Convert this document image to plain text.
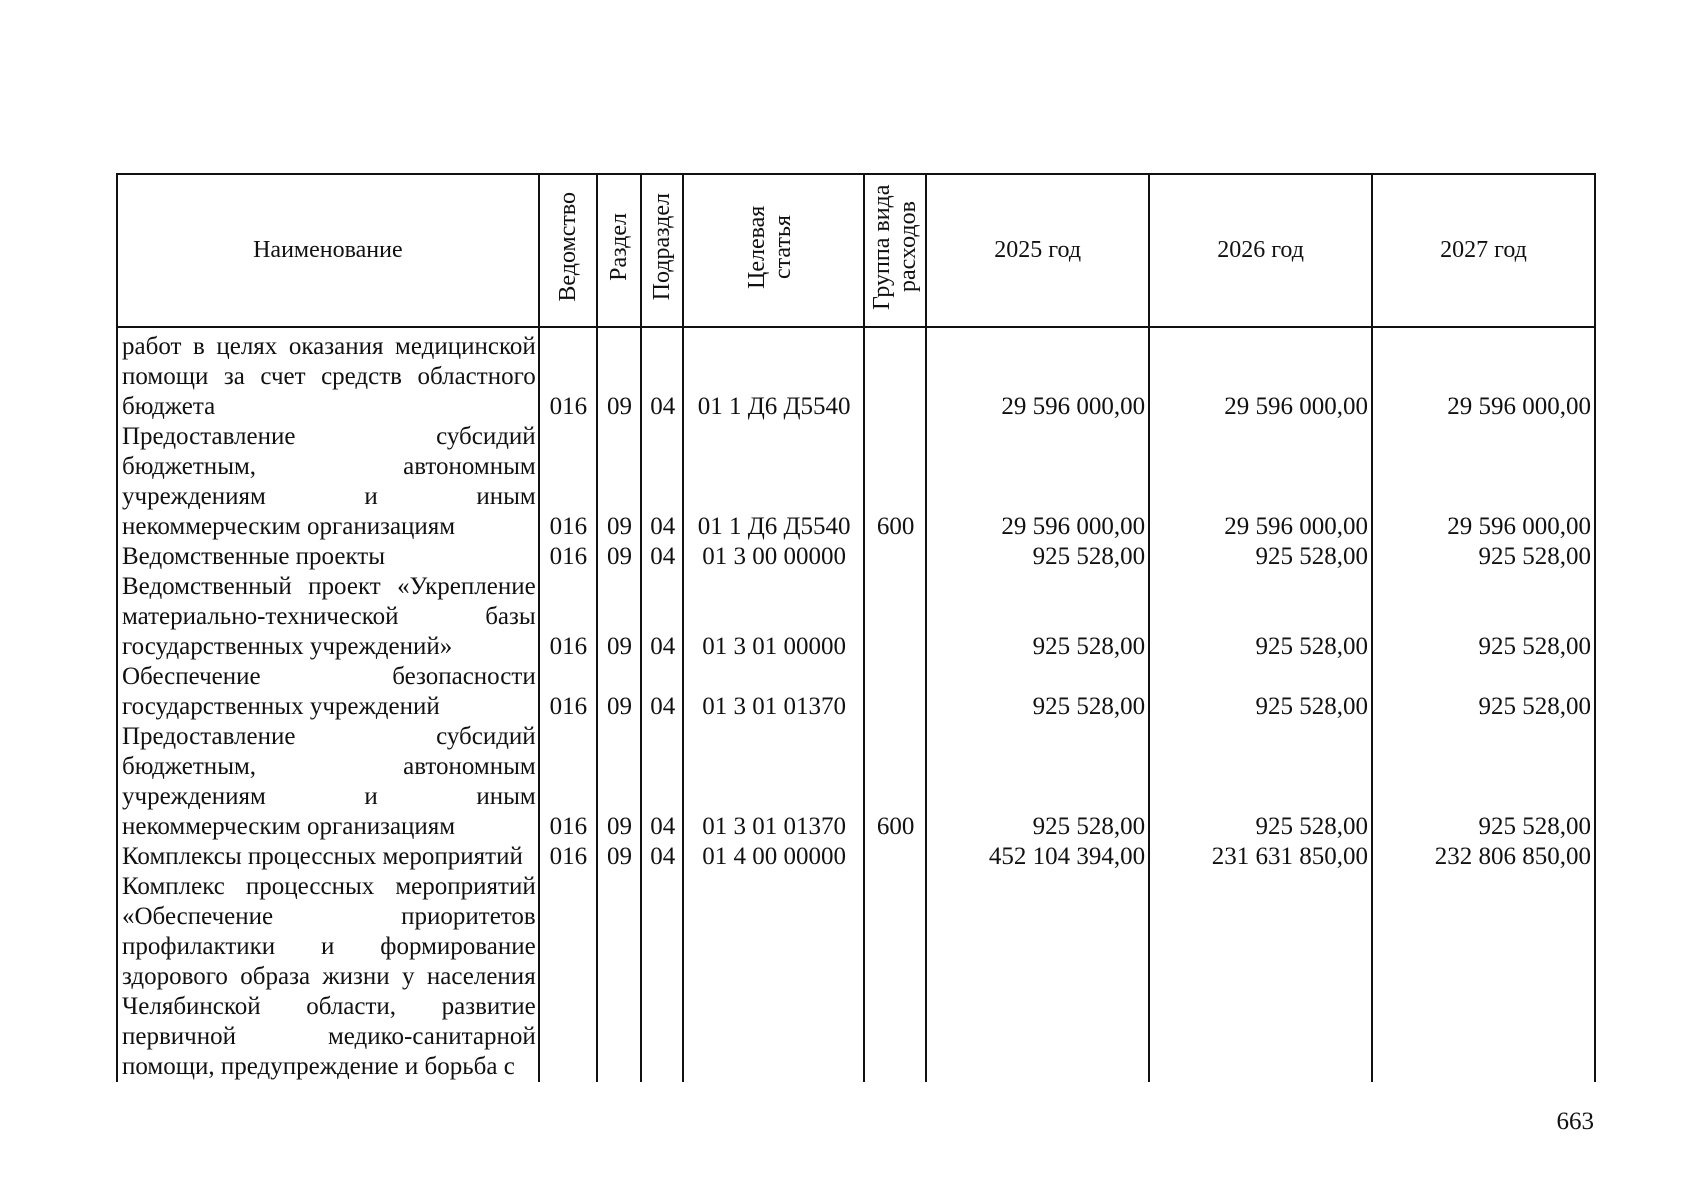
Наименование	Ведомство	Раздел	Подраздел	Целевая статья	Группа вида расходов	2025 год	2026 год	2027 год
работ в целях оказания медицинской помощи за счет средств областного бюджета	016	09	04	01 1 Д6 Д5540		29 596 000,00	29 596 000,00	29 596 000,00
Предоставление субсидий бюджетным, автономным учреждениям и иным некоммерческим организациям	016	09	04	01 1 Д6 Д5540	600	29 596 000,00	29 596 000,00	29 596 000,00
Ведомственные проекты	016	09	04	01 3 00 00000		925 528,00	925 528,00	925 528,00
Ведомственный проект «Укрепление материально-технической базы государственных учреждений»	016	09	04	01 3 01 00000		925 528,00	925 528,00	925 528,00
Обеспечение безопасности государственных учреждений	016	09	04	01 3 01 01370		925 528,00	925 528,00	925 528,00
Предоставление субсидий бюджетным, автономным учреждениям и иным некоммерческим организациям	016	09	04	01 3 01 01370	600	925 528,00	925 528,00	925 528,00
Комплексы процессных мероприятий	016	09	04	01 4 00 00000		452 104 394,00	231 631 850,00	232 806 850,00
Комплекс процессных мероприятий «Обеспечение приоритетов профилактики и формирование здорового образа жизни у населения Челябинской области, развитие первичной медико-санитарной помощи, предупреждение и борьба с								
663
